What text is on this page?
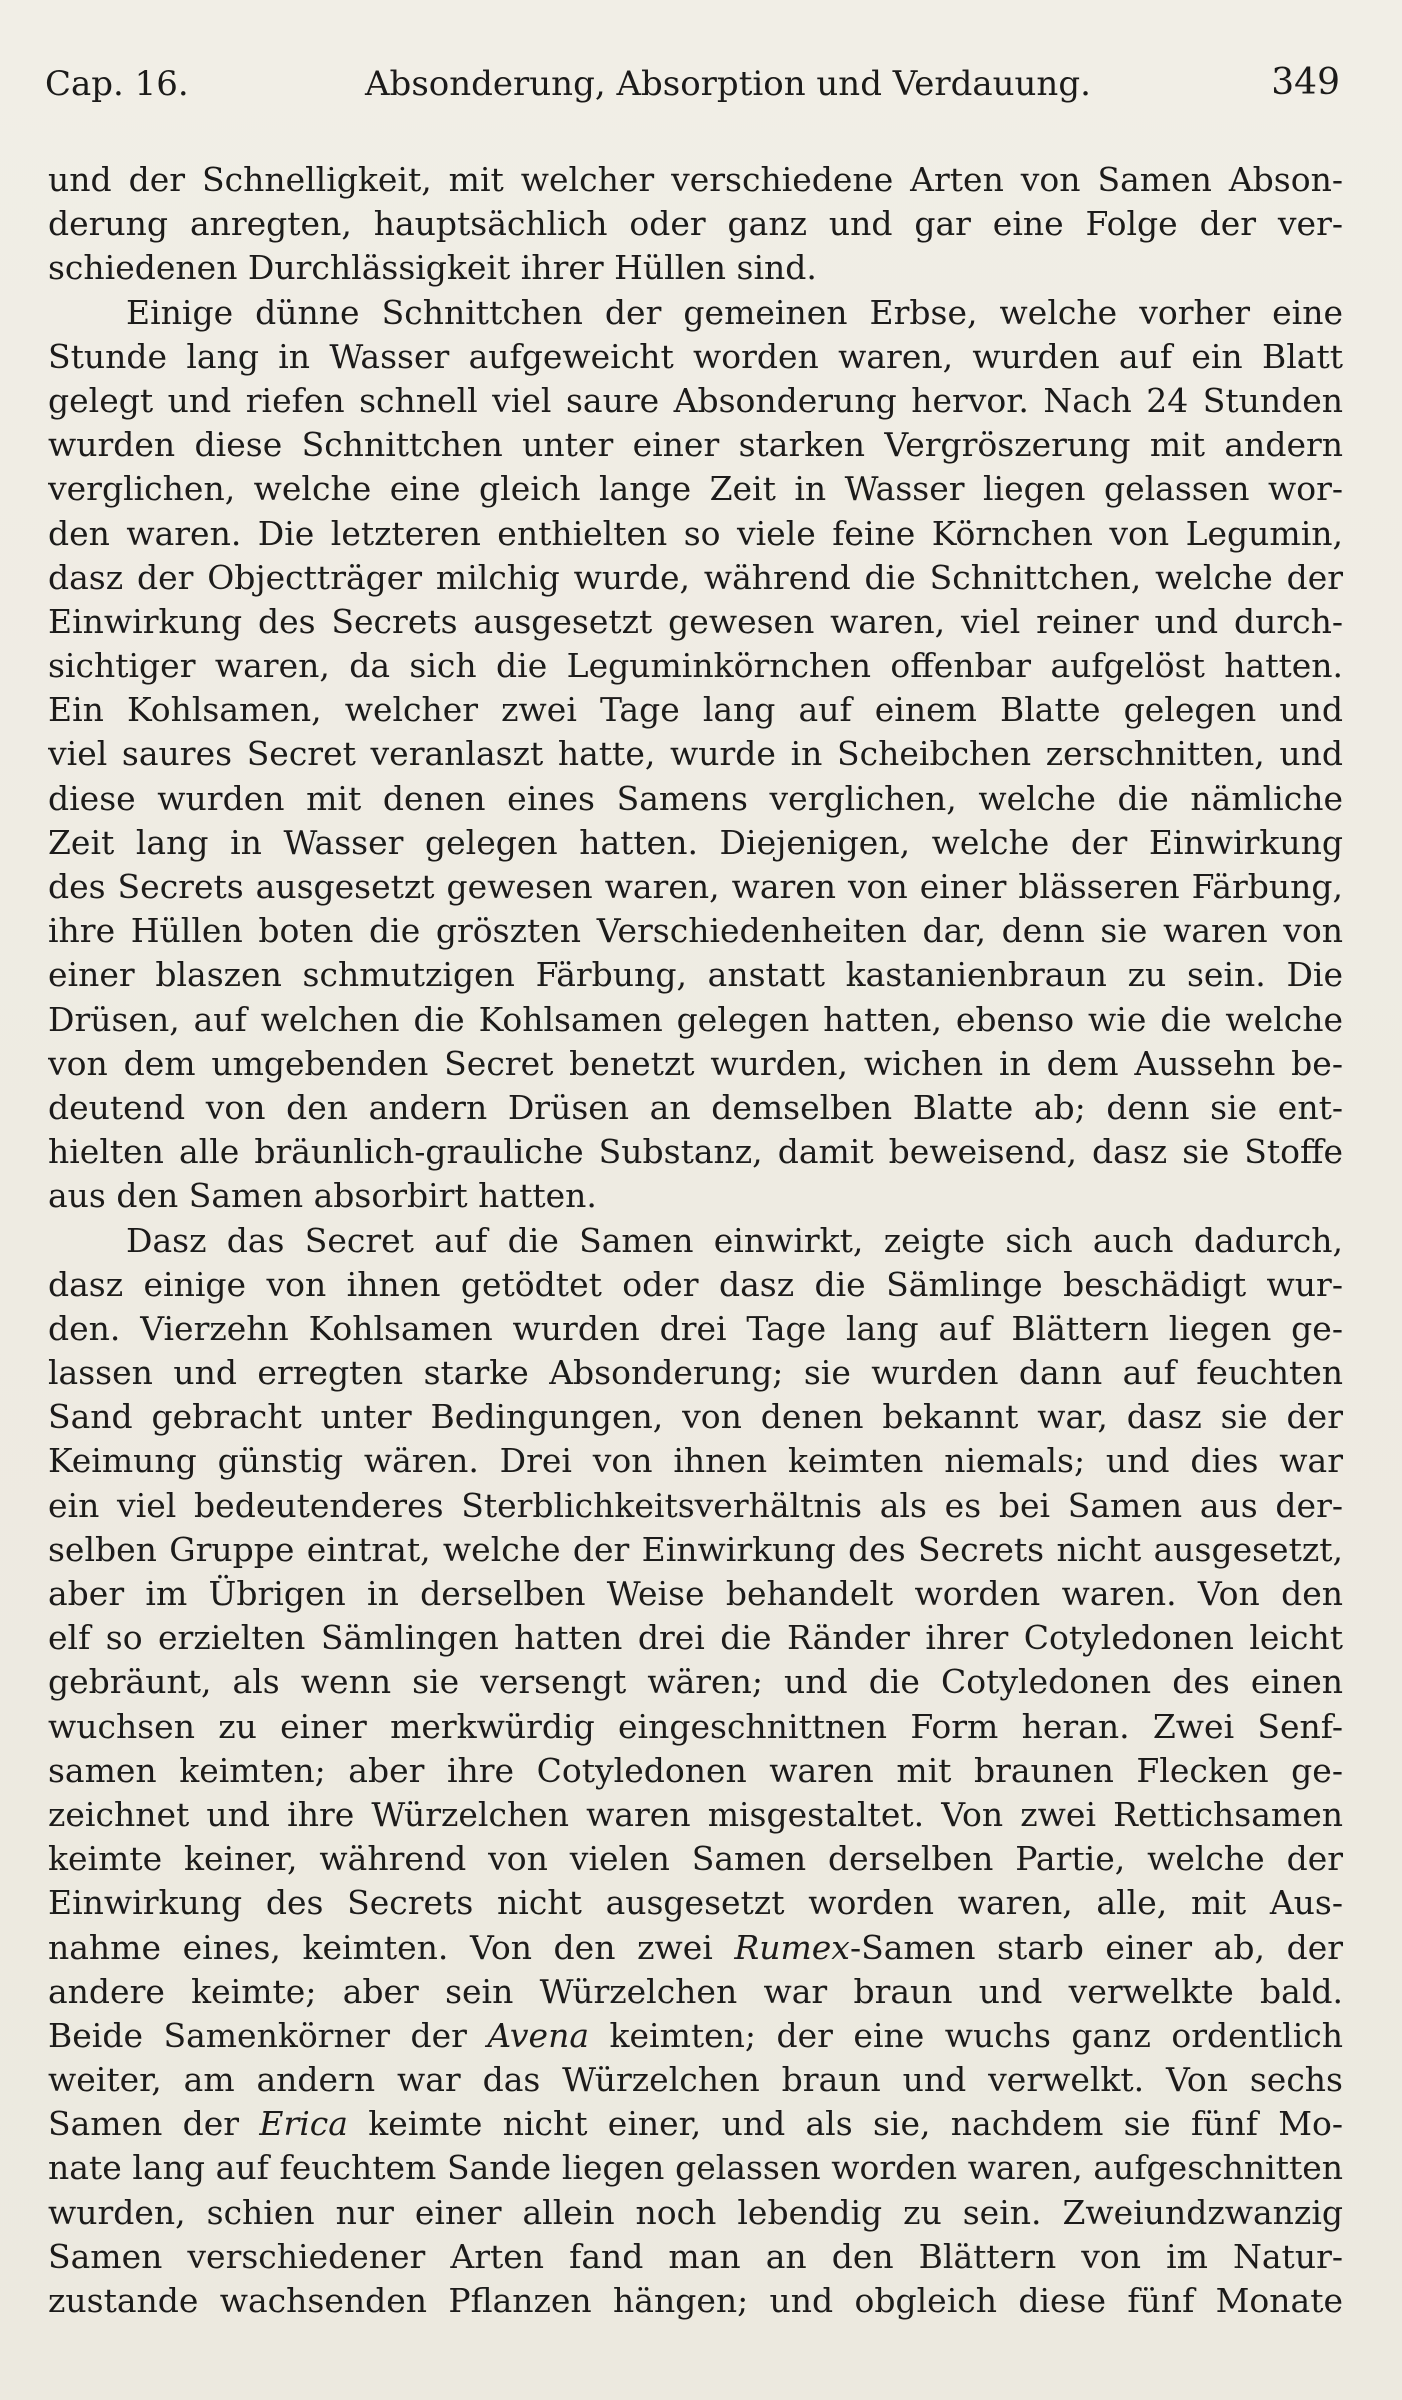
Cap. 16.	Absonderung, Absorption und Verdauung.	349
und der Schnelligkeit, mit welcher verschiedene Arten von Samen Abson-
derung anregten, hauptsächlich oder ganz und gar eine Folge der ver-
schiedenen Durchlässigkeit ihrer Hüllen sind.
Einige dünne Schnittchen der gemeinen Erbse, welche vorher eine
Stunde lang in Wasser aufgeweicht worden waren, wurden auf ein Blatt
gelegt und riefen schnell viel saure Absonderung hervor. Nach 24 Stunden
wurden diese Schnittchen unter einer starken Vergröszerung mit andern
verglichen, welche eine gleich lange Zeit in Wasser liegen gelassen wor-
den waren. Die letzteren enthielten so viele feine Körnchen von Legumin,
dasz der Objectträger milchig wurde, während die Schnittchen, welche der
Einwirkung des Secrets ausgesetzt gewesen waren, viel reiner und durch-
sichtiger waren, da sich die Leguminkörnchen offenbar aufgelöst hatten.
Ein Kohlsamen, welcher zwei Tage lang auf einem Blatte gelegen und
viel saures Secret veranlaszt hatte, wurde in Scheibchen zerschnitten, und
diese wurden mit denen eines Samens verglichen, welche die nämliche
Zeit lang in Wasser gelegen hatten. Diejenigen, welche der Einwirkung
des Secrets ausgesetzt gewesen waren, waren von einer blässeren Färbung,
ihre Hüllen boten die gröszten Verschiedenheiten dar, denn sie waren von
einer blaszen schmutzigen Färbung, anstatt kastanienbraun zu sein. Die
Drüsen, auf welchen die Kohlsamen gelegen hatten, ebenso wie die welche
von dem umgebenden Secret benetzt wurden, wichen in dem Aussehn be-
deutend von den andern Drüsen an demselben Blatte ab; denn sie ent-
hielten alle bräunlich-grauliche Substanz, damit beweisend, dasz sie Stoffe
aus den Samen absorbirt hatten.
Dasz das Secret auf die Samen einwirkt, zeigte sich auch dadurch,
dasz einige von ihnen getödtet oder dasz die Sämlinge beschädigt wur-
den. Vierzehn Kohlsamen wurden drei Tage lang auf Blättern liegen ge-
lassen und erregten starke Absonderung; sie wurden dann auf feuchten
Sand gebracht unter Bedingungen, von denen bekannt war, dasz sie der
Keimung günstig wären. Drei von ihnen keimten niemals; und dies war
ein viel bedeutenderes Sterblichkeitsverhältnis als es bei Samen aus der-
selben Gruppe eintrat, welche der Einwirkung des Secrets nicht ausgesetzt,
aber im Übrigen in derselben Weise behandelt worden waren. Von den
elf so erzielten Sämlingen hatten drei die Ränder ihrer Cotyledonen leicht
gebräunt, als wenn sie versengt wären; und die Cotyledonen des einen
wuchsen zu einer merkwürdig eingeschnittnen Form heran. Zwei Senf-
samen keimten; aber ihre Cotyledonen waren mit braunen Flecken ge-
zeichnet und ihre Würzelchen waren misgestaltet. Von zwei Rettichsamen
keimte keiner, während von vielen Samen derselben Partie, welche der
Einwirkung des Secrets nicht ausgesetzt worden waren, alle, mit Aus-
nahme eines, keimten. Von den zwei Rumex-Samen starb einer ab, der
andere keimte; aber sein Würzelchen war braun und verwelkte bald.
Beide Samenkörner der Avena keimten; der eine wuchs ganz ordentlich
weiter, am andern war das Würzelchen braun und verwelkt. Von sechs
Samen der Erica keimte nicht einer, und als sie, nachdem sie fünf Mo-
nate lang auf feuchtem Sande liegen gelassen worden waren, aufgeschnitten
wurden, schien nur einer allein noch lebendig zu sein. Zweiundzwanzig
Samen verschiedener Arten fand man an den Blättern von im Natur-
zustande wachsenden Pflanzen hängen; und obgleich diese fünf Monate
